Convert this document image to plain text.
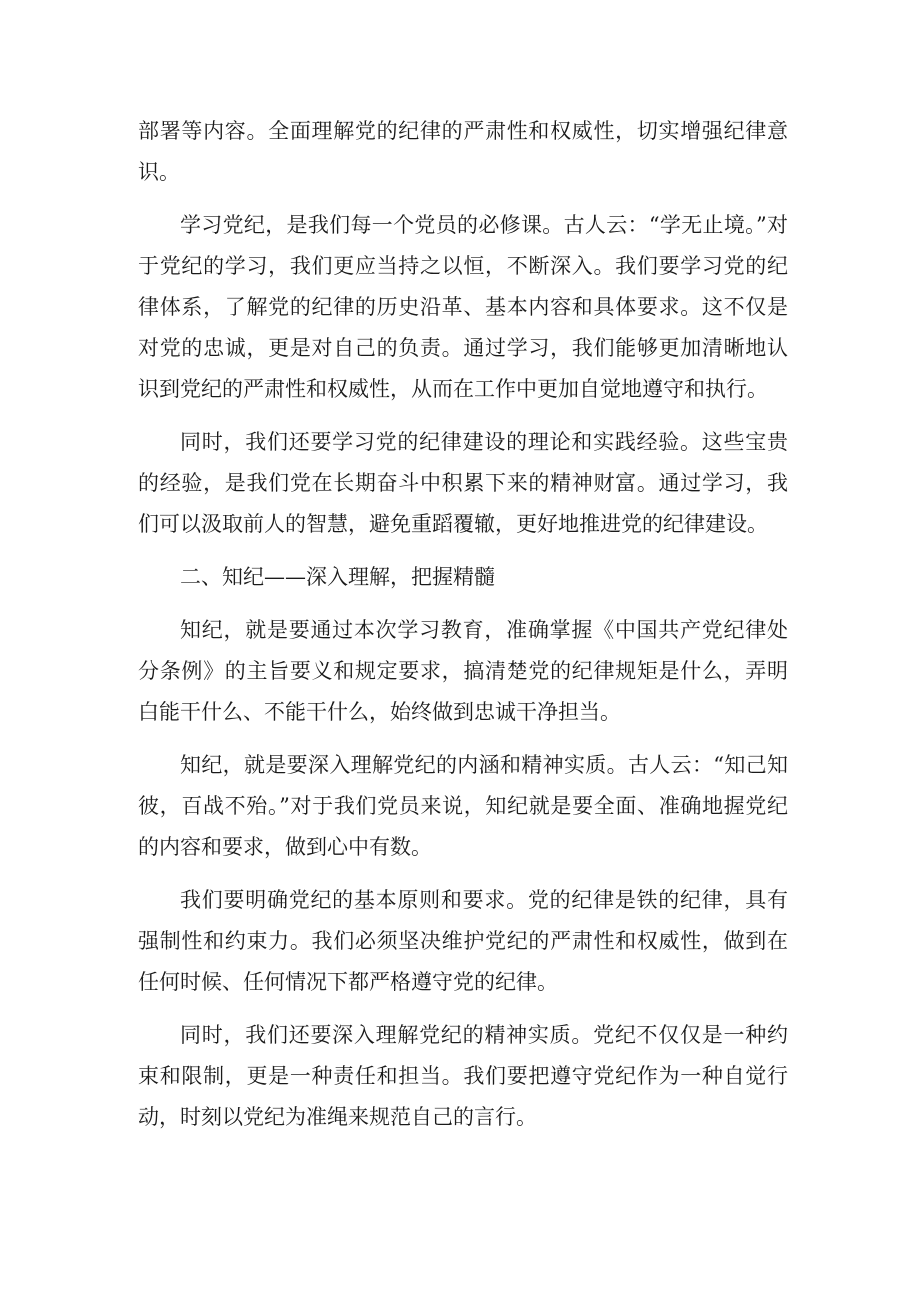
部署等内容。全面理解党的纪律的严肃性和权威性，切实增强纪律意识。

学习党纪，是我们每一个党员的必修课。古人云：“学无止境。”对于党纪的学习，我们更应当持之以恒，不断深入。我们要学习党的纪律体系，了解党的纪律的历史沿革、基本内容和具体要求。这不仅是对党的忠诚，更是对自己的负责。通过学习，我们能够更加清晰地认识到党纪的严肃性和权威性，从而在工作中更加自觉地遵守和执行。

同时，我们还要学习党的纪律建设的理论和实践经验。这些宝贵的经验，是我们党在长期奋斗中积累下来的精神财富。通过学习，我们可以汲取前人的智慧，避免重蹈覆辙，更好地推进党的纪律建设。

二、知纪——深入理解，把握精髓

知纪，就是要通过本次学习教育，准确掌握《中国共产党纪律处分条例》的主旨要义和规定要求，搞清楚党的纪律规矩是什么，弄明白能干什么、不能干什么，始终做到忠诚干净担当。

知纪，就是要深入理解党纪的内涵和精神实质。古人云：“知己知彼，百战不殆。”对于我们党员来说，知纪就是要全面、准确地握党纪的内容和要求，做到心中有数。

我们要明确党纪的基本原则和要求。党的纪律是铁的纪律，具有强制性和约束力。我们必须坚决维护党纪的严肃性和权威性，做到在任何时候、任何情况下都严格遵守党的纪律。

同时，我们还要深入理解党纪的精神实质。党纪不仅仅是一种约束和限制，更是一种责任和担当。我们要把遵守党纪作为一种自觉行动，时刻以党纪为准绳来规范自己的言行。
